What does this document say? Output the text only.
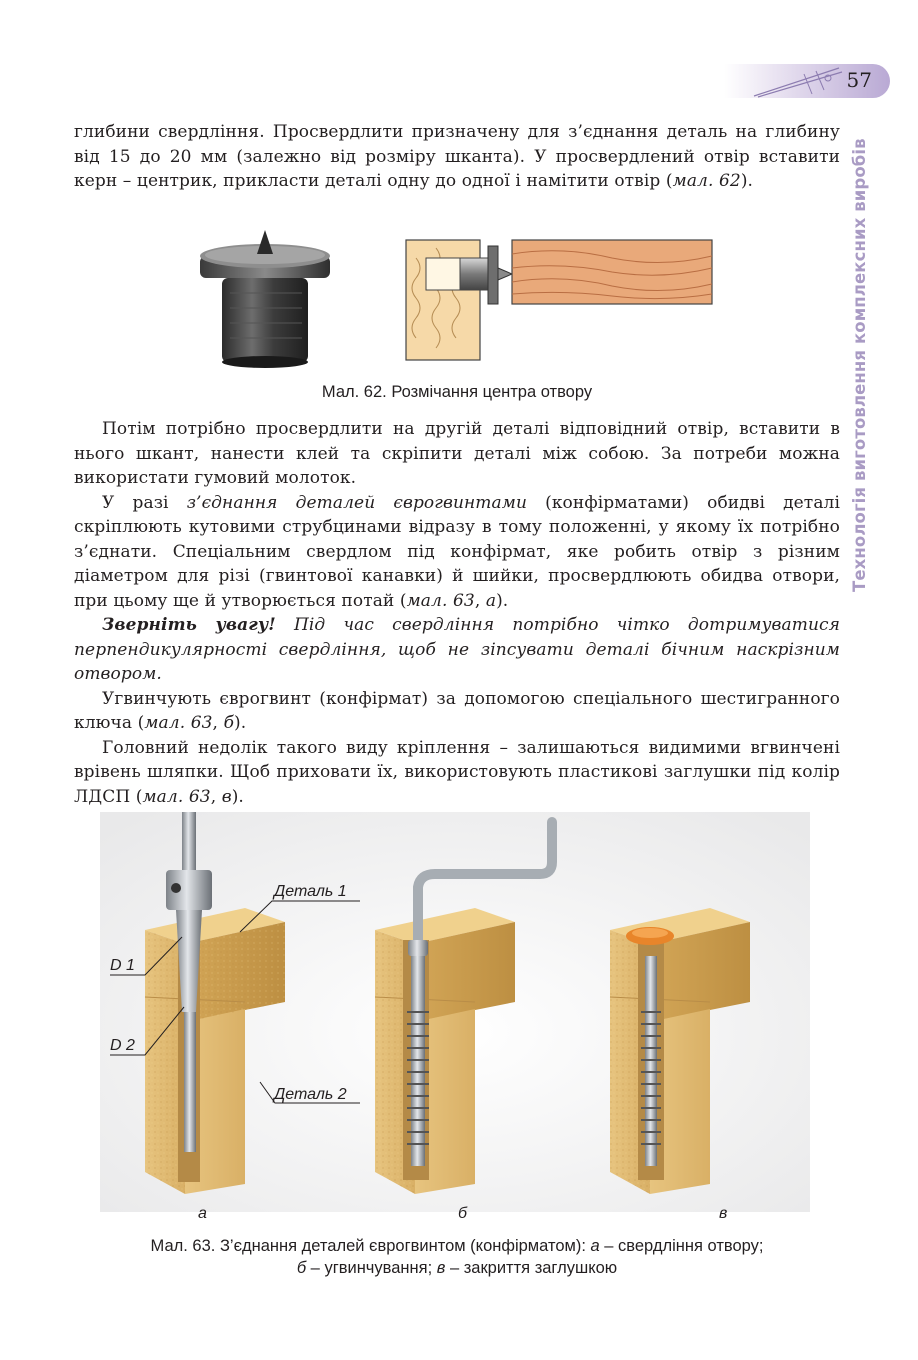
57
Технологія виготовлення комплексних виробів

глибини свердління. Просвердлити призначену для з’єднання деталь на глибину від 15 до 20 мм (залежно від розміру шканта). У просвердлений отвір вставити керн – центрик, прикласти деталі одну до одної і намітити отвір (мал. 62).

Мал. 62. Розмічання центра отвору

Потім потрібно просвердлити на другій деталі відповідний отвір, вставити в нього шкант, нанести клей та скріпити деталі між собою. За потреби можна використати гумовий молоток.

У разі з’єднання деталей єврогвинтами (конфірматами) обидві деталі скріплюють кутовими струбцинами відразу в тому положенні, у якому їх потрібно з’єднати. Спеціальним свердлом під конфірмат, яке робить отвір з різним діаметром для різі (гвинтової канавки) й шийки, просвердлюють обидва отвори, при цьому ще й утворюється потай (мал. 63, а).

Зверніть увагу! Під час свердління потрібно чітко дотримуватися перпендикулярності свердління, щоб не зіпсувати деталі бічним наскрізним отвором.

Угвинчують єврогвинт (конфірмат) за допомогою спеціального шестигранного ключа (мал. 63, б).

Головний недолік такого виду кріплення – залишаються видимими вгвинчені врівень шляпки. Щоб приховати їх, використовують пластикові заглушки під колір ЛДСП (мал. 63, в).

Деталь 1
D 1
D 2
Деталь 2
а	б	в
Мал. 63. З’єднання деталей єврогвинтом (конфірматом): а – свердління отвору;
б – угвинчування; в – закриття заглушкою
